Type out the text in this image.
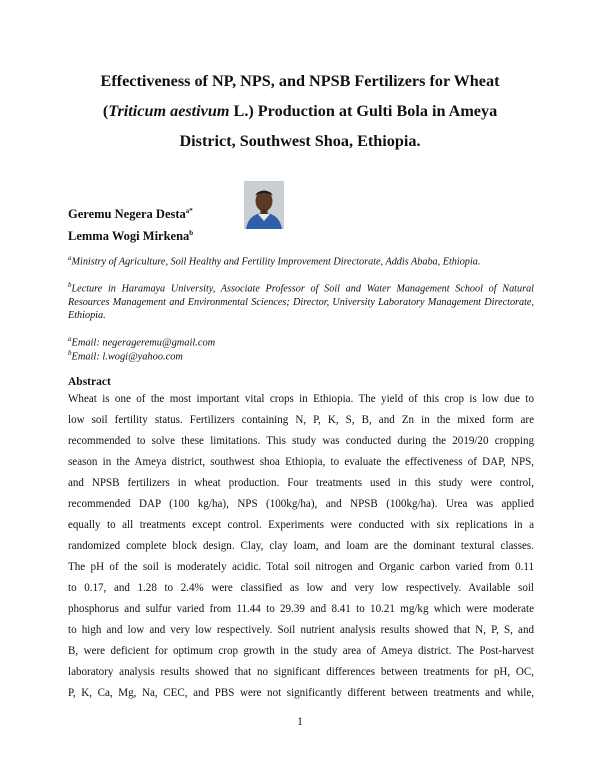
Effectiveness of NP, NPS, and NPSB Fertilizers for Wheat
(Triticum aestivum L.) Production at Gulti Bola in Ameya
District, Southwest Shoa, Ethiopia.
Geremu Negera Desta$^{a*}$
Lemma Wogi Mirkena$^b$
$^a$Ministry of Agriculture, Soil Healthy and Fertility Improvement Directorate, Addis Ababa, Ethiopia.
$^b$Lecture in Haramaya University, Associate Professor of Soil and Water Management School of Natural Resources Management and Environmental Sciences; Director, University Laboratory Management Directorate, Ethiopia.
$^a$Email: negerageremu@gmail.com
$^b$Email: l.wogi@yahoo.com
Abstract
Wheat is one of the most important vital crops in Ethiopia. The yield of this crop is low due to
low soil fertility status. Fertilizers containing N, P, K, S, B, and Zn in the mixed form are
recommended to solve these limitations. This study was conducted during the 2019/20 cropping
season in the Ameya district, southwest shoa Ethiopia, to evaluate the effectiveness of DAP, NPS,
and NPSB fertilizers in wheat production. Four treatments used in this study were control,
recommended DAP (100 kg/ha), NPS (100kg/ha), and NPSB (100kg/ha). Urea was applied
equally to all treatments except control. Experiments were conducted with six replications in a
randomized complete block design. Clay, clay loam, and loam are the dominant textural classes.
The pH of the soil is moderately acidic. Total soil nitrogen and Organic carbon varied from 0.11
to 0.17, and 1.28 to 2.4% were classified as low and very low respectively. Available soil
phosphorus and sulfur varied from 11.44 to 29.39 and 8.41 to 10.21 mg/kg which were moderate
to high and low and very low respectively. Soil nutrient analysis results showed that N, P, S, and
B, were deficient for optimum crop growth in the study area of Ameya district. The Post-harvest
laboratory analysis results showed that no significant differences between treatments for pH, OC,
P, K, Ca, Mg, Na, CEC, and PBS were not significantly different between treatments and while,
1
